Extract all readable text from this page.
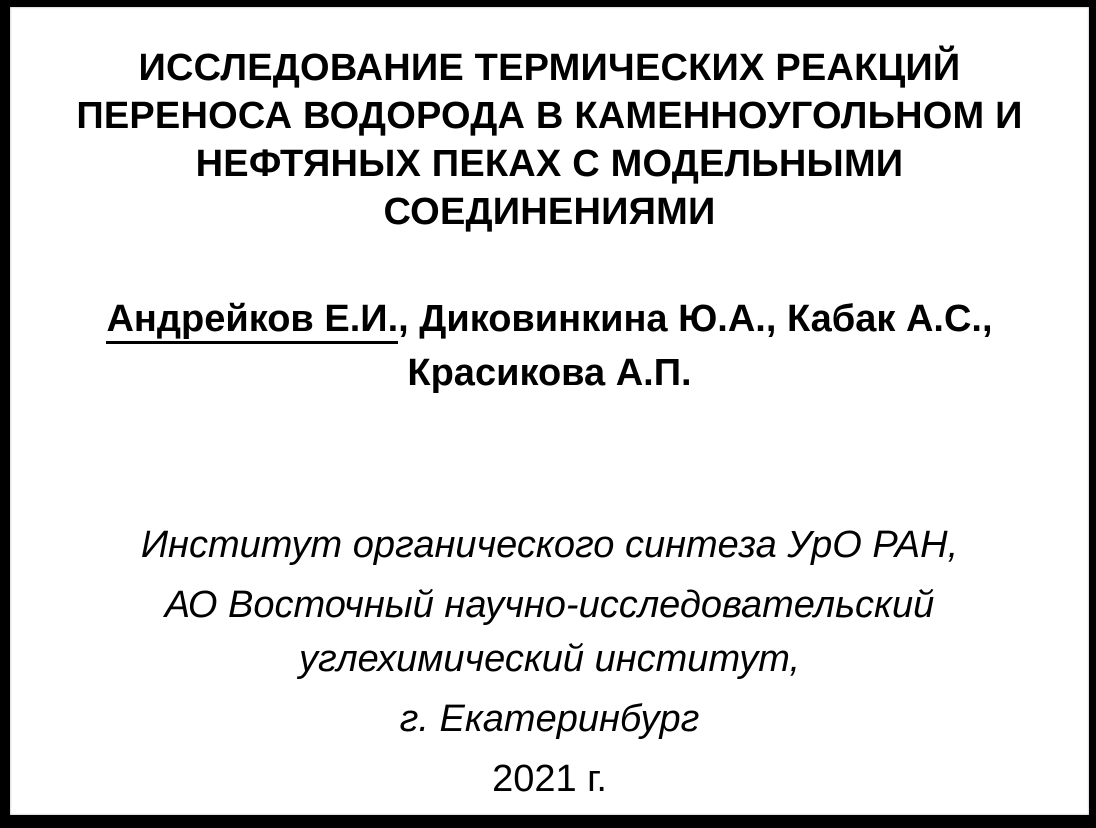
ИССЛЕДОВАНИЕ ТЕРМИЧЕСКИХ РЕАКЦИЙ
ПЕРЕНОСА ВОДОРОДА В КАМЕННОУГОЛЬНОМ И
НЕФТЯНЫХ ПЕКАХ С МОДЕЛЬНЫМИ
СОЕДИНЕНИЯМИ
Андрейков Е.И., Диковинкина Ю.А., Кабак А.С.,
Красикова А.П.
Институт органического синтеза УрО РАН,
АО Восточный научно-исследовательский
углехимический институт,
г. Екатеринбург
2021 г.
